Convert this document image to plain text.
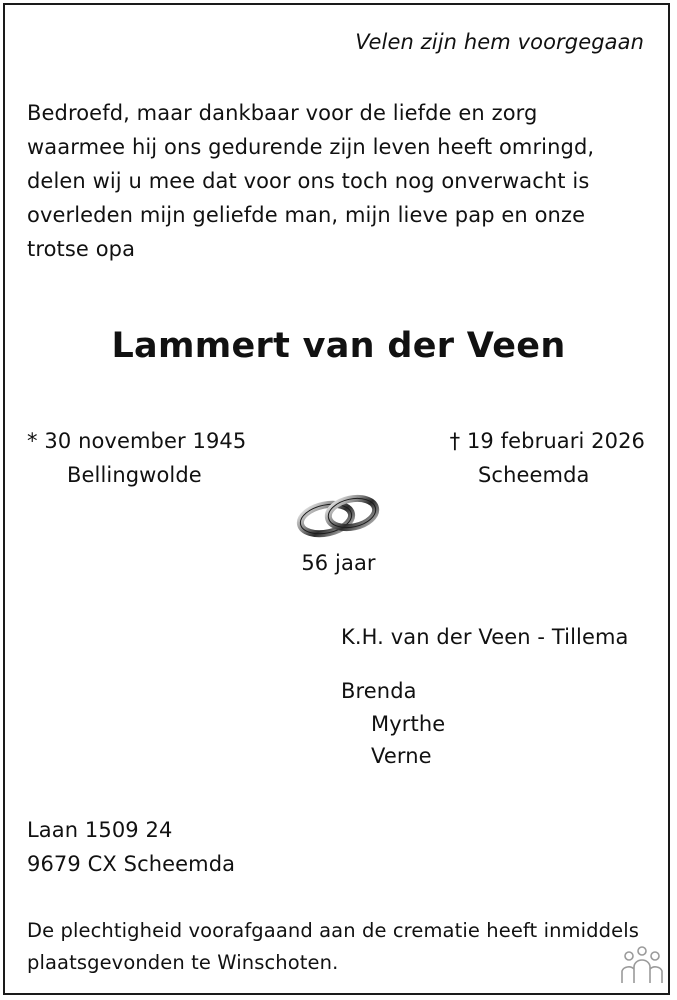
Velen zijn hem voorgegaan
Bedroefd, maar dankbaar voor de liefde en zorg
waarmee hij ons gedurende zijn leven heeft omringd,
delen wij u mee dat voor ons toch nog onverwacht is
overleden mijn geliefde man, mijn lieve pap en onze
trotse opa
Lammert van der Veen
* 30 november 1945
Bellingwolde
† 19 februari 2026
Scheemda
56 jaar
K.H. van der Veen - Tillema
Brenda
Myrthe
Verne
Laan 1509 24
9679 CX Scheemda
De plechtigheid voorafgaand aan de crematie heeft inmiddels
plaatsgevonden te Winschoten.
